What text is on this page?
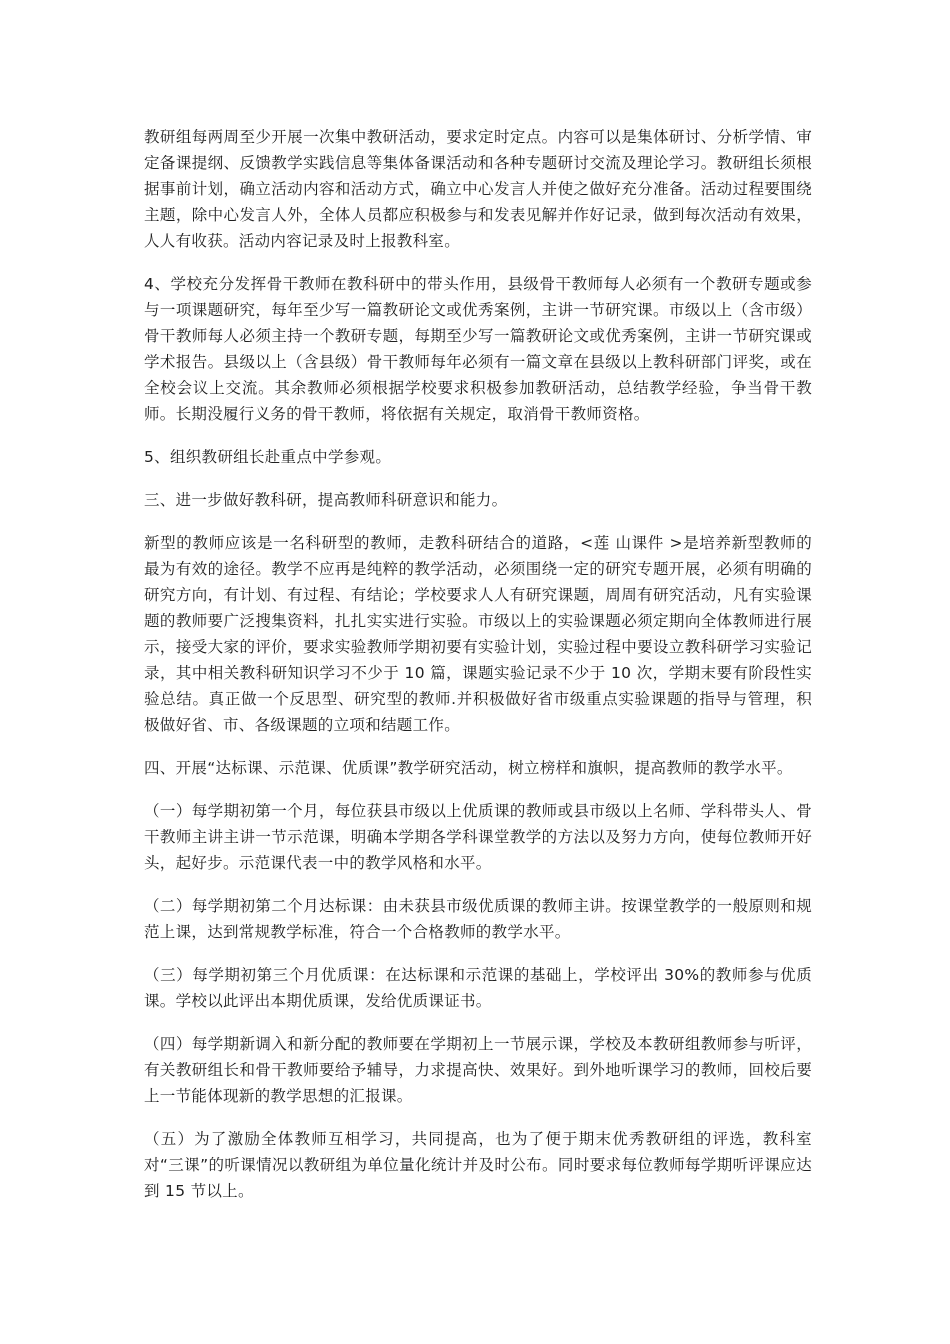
教研组每两周至少开展一次集中教研活动，要求定时定点。内容可以是集体研讨、分析学情、审定备课提纲、反馈教学实践信息等集体备课活动和各种专题研讨交流及理论学习。教研组长须根据事前计划，确立活动内容和活动方式，确立中心发言人并使之做好充分准备。活动过程要围绕主题，除中心发言人外，全体人员都应积极参与和发表见解并作好记录，做到每次活动有效果，人人有收获。活动内容记录及时上报教科室。

4、学校充分发挥骨干教师在教科研中的带头作用，县级骨干教师每人必须有一个教研专题或参与一项课题研究，每年至少写一篇教研论文或优秀案例，主讲一节研究课。市级以上（含市级）骨干教师每人必须主持一个教研专题，每期至少写一篇教研论文或优秀案例，主讲一节研究课或学术报告。县级以上（含县级）骨干教师每年必须有一篇文章在县级以上教科研部门评奖，或在全校会议上交流。其余教师必须根据学校要求积极参加教研活动，总结教学经验，争当骨干教师。长期没履行义务的骨干教师，将依据有关规定，取消骨干教师资格。

5、组织教研组长赴重点中学参观。

三、进一步做好教科研，提高教师科研意识和能力。

新型的教师应该是一名科研型的教师，走教科研结合的道路，<莲 山课件 >是培养新型教师的最为有效的途径。教学不应再是纯粹的教学活动，必须围绕一定的研究专题开展，必须有明确的研究方向，有计划、有过程、有结论；学校要求人人有研究课题，周周有研究活动，凡有实验课题的教师要广泛搜集资料，扎扎实实进行实验。市级以上的实验课题必须定期向全体教师进行展示，接受大家的评价，要求实验教师学期初要有实验计划，实验过程中要设立教科研学习实验记录，其中相关教科研知识学习不少于 10 篇，课题实验记录不少于 10 次，学期末要有阶段性实验总结。真正做一个反思型、研究型的教师.并积极做好省市级重点实验课题的指导与管理，积极做好省、市、各级课题的立项和结题工作。

四、开展“达标课、示范课、优质课”教学研究活动，树立榜样和旗帜，提高教师的教学水平。

（一）每学期初第一个月，每位获县市级以上优质课的教师或县市级以上名师、学科带头人、骨干教师主讲主讲一节示范课，明确本学期各学科课堂教学的方法以及努力方向，使每位教师开好头，起好步。示范课代表一中的教学风格和水平。

（二）每学期初第二个月达标课：由未获县市级优质课的教师主讲。按课堂教学的一般原则和规范上课，达到常规教学标准，符合一个合格教师的教学水平。

（三）每学期初第三个月优质课：在达标课和示范课的基础上，学校评出 30%的教师参与优质课。学校以此评出本期优质课，发给优质课证书。

（四）每学期新调入和新分配的教师要在学期初上一节展示课，学校及本教研组教师参与听评，有关教研组长和骨干教师要给予辅导，力求提高快、效果好。到外地听课学习的教师，回校后要上一节能体现新的教学思想的汇报课。

（五）为了激励全体教师互相学习，共同提高，也为了便于期末优秀教研组的评选，教科室对“三课”的听课情况以教研组为单位量化统计并及时公布。同时要求每位教师每学期听评课应达到 15 节以上。
